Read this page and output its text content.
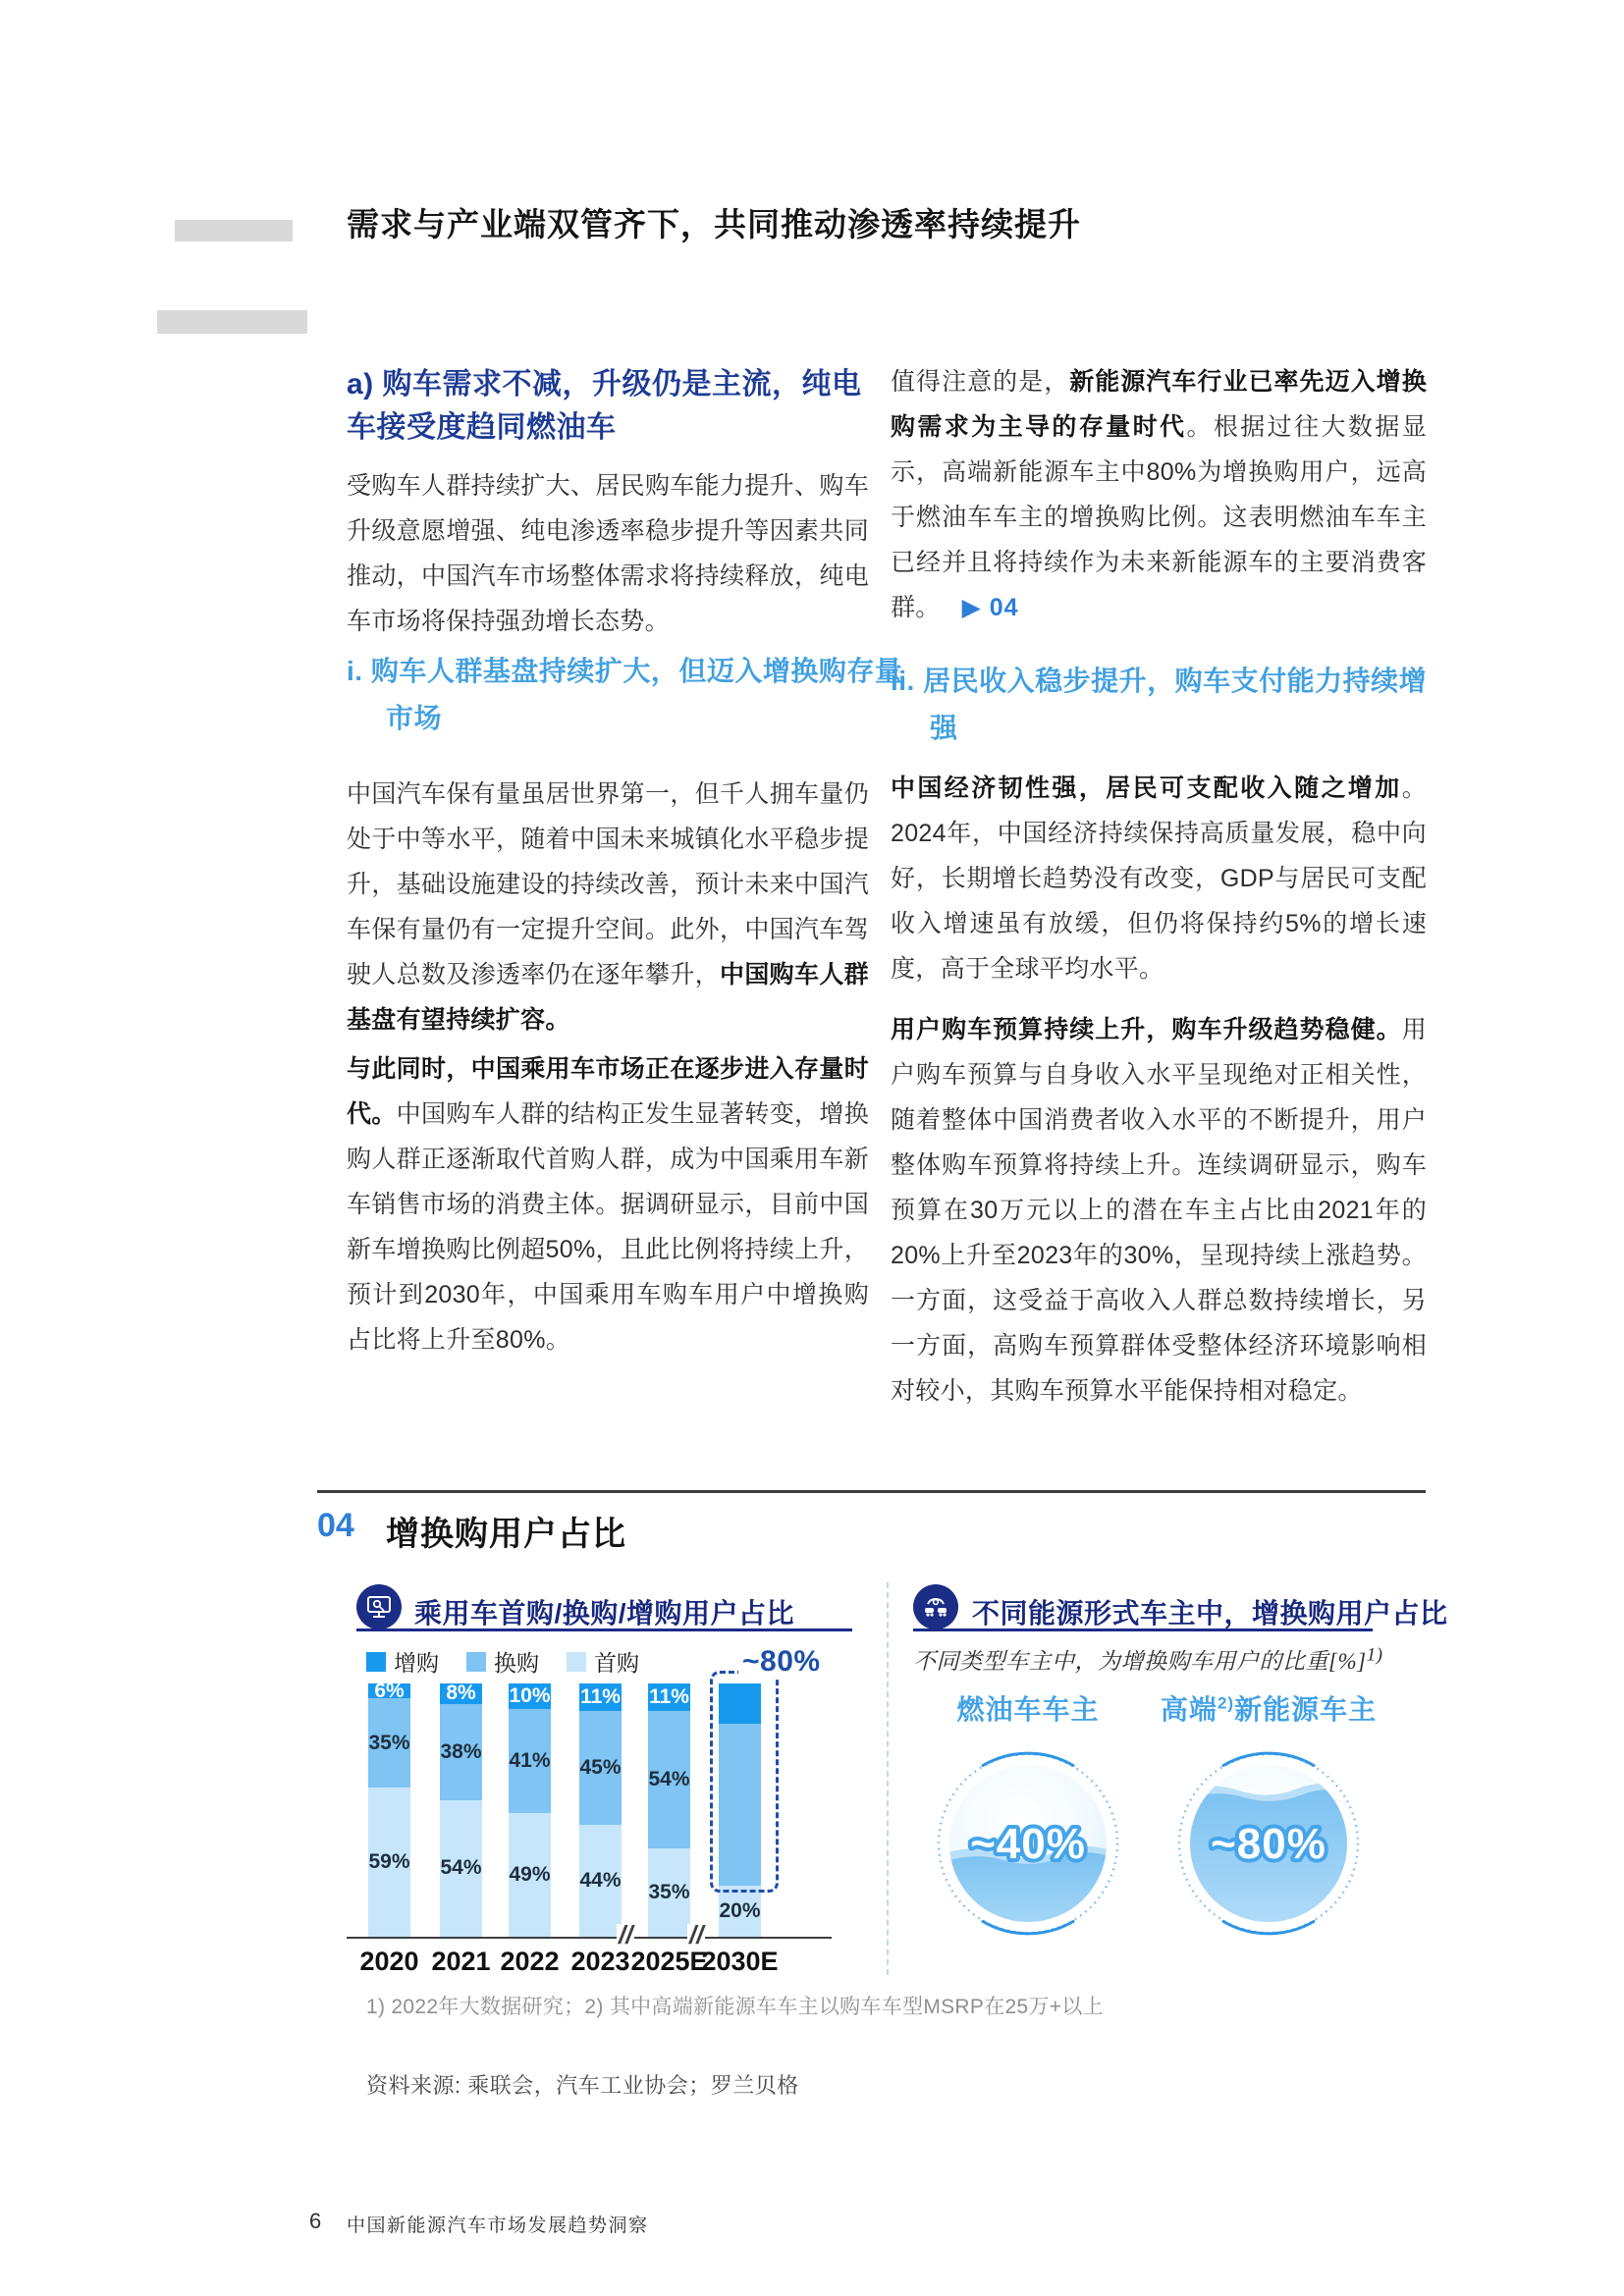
需求与产业端双管齐下，共同推动渗透率持续提升
a) 购车需求不减，升级仍是主流，纯电车接受度趋同燃油车
受购车人群持续扩大、居民购车能力提升、购车升级意愿增强、纯电渗透率稳步提升等因素共同推动，中国汽车市场整体需求将持续释放，纯电车市场将保持强劲增长态势。
i. 购车人群基盘持续扩大，但迈入增换购存量市场
中国汽车保有量虽居世界第一，但千人拥车量仍处于中等水平，随着中国未来城镇化水平稳步提升，基础设施建设的持续改善，预计未来中国汽车保有量仍有一定提升空间。此外，中国汽车驾驶人总数及渗透率仍在逐年攀升，中国购车人群基盘有望持续扩容。
与此同时，中国乘用车市场正在逐步进入存量时代。中国购车人群的结构正发生显著转变，增换购人群正逐渐取代首购人群，成为中国乘用车新车销售市场的消费主体。据调研显示，目前中国新车增换购比例超50%，且此比例将持续上升，预计到2030年，中国乘用车购车用户中增换购占比将上升至80%。
值得注意的是，新能源汽车行业已率先迈入增换购需求为主导的存量时代。根据过往大数据显示，高端新能源车主中80%为增换购用户，远高于燃油车车主的增换购比例。这表明燃油车车主已经并且将持续作为未来新能源车的主要消费客群。 ▶ 04
ii. 居民收入稳步提升，购车支付能力持续增强
中国经济韧性强，居民可支配收入随之增加。2024年，中国经济持续保持高质量发展，稳中向好，长期增长趋势没有改变，GDP与居民可支配收入增速虽有放缓，但仍将保持约5%的增长速度，高于全球平均水平。
用户购车预算持续上升，购车升级趋势稳健。用户购车预算与自身收入水平呈现绝对正相关性，随着整体中国消费者收入水平的不断提升，用户整体购车预算将持续上升。连续调研显示，购车预算在30万元以上的潜在车主占比由2021年的20%上升至2023年的30%，呈现持续上涨趋势。一方面，这受益于高收入人群总数持续增长，另一方面，高购车预算群体受整体经济环境影响相对较小，其购车预算水平能保持相对稳定。
04 增换购用户占比
乘用车首购/换购/增购用户占比
增购 换购 首购
59%
35%
6%
2020
54%
38%
8%
2021
49%
41%
10%
2022
44%
45%
11%
2023
35%
54%
11%
2025E
20%
2030E
// //
~80%
不同能源形式车主中，增换购用户占比
不同类型车主中，为增换购车用户的比重[%]$^{1)}$
燃油车车主	高端$^{2)}$新能源车主
~40%	~80%
1) 2022年大数据研究；2) 其中高端新能源车车主以购车车型MSRP在25万+以上
资料来源: 乘联会，汽车工业协会；罗兰贝格
6 中国新能源汽车市场发展趋势洞察
